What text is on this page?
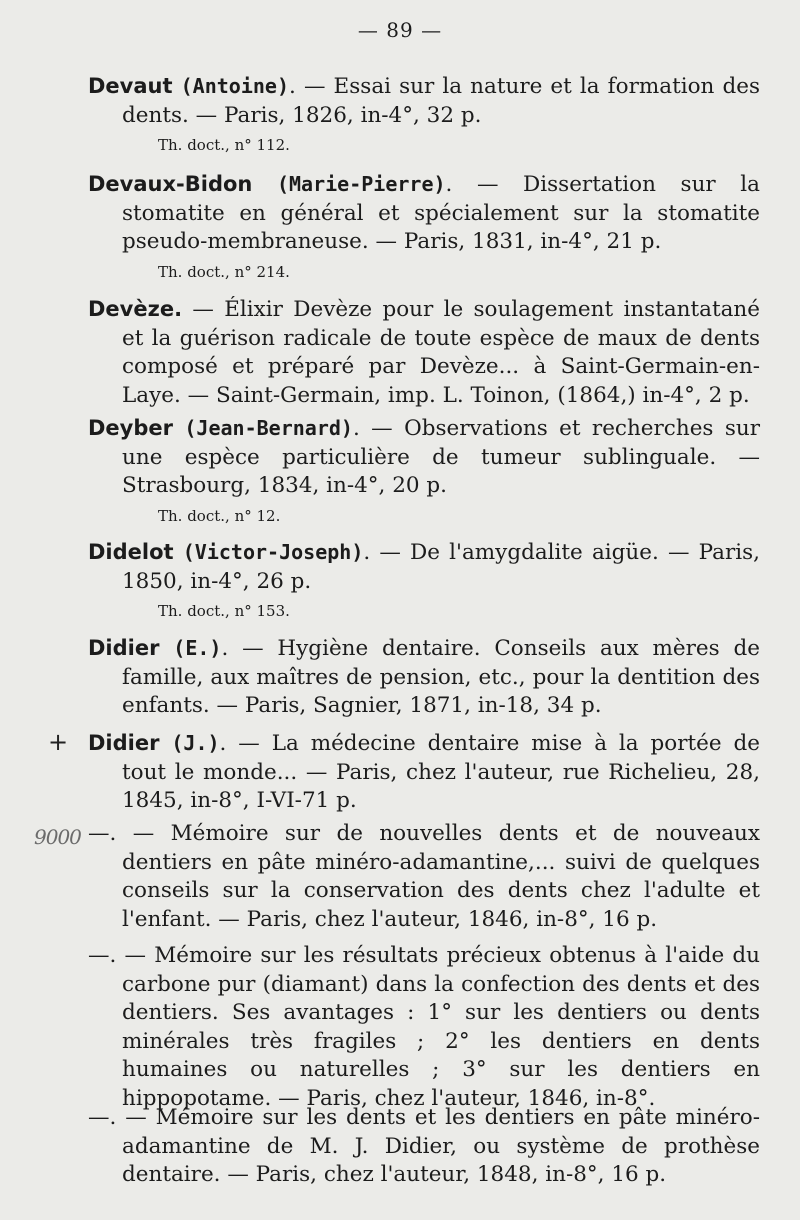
— 89 —
+
9000
Devaut (Antoine). — Essai sur la nature et la formation des dents. — Paris, 1826, in-4°, 32 p.
Th. doct., n° 112.
Devaux-Bidon (Marie-Pierre). — Dissertation sur la stomatite en général et spécialement sur la stomatite pseudo-membraneuse. — Paris, 1831, in-4°, 21 p.
Th. doct., n° 214.
Devèze. — Élixir Devèze pour le soulagement instantatané et la guérison radicale de toute espèce de maux de dents composé et préparé par Devèze... à Saint-Germain-en-Laye. — Saint-Germain, imp. L. Toinon, (1864,) in-4°, 2 p.
Deyber (Jean-Bernard). — Observations et recherches sur une espèce particulière de tumeur sublinguale. — Strasbourg, 1834, in-4°, 20 p.
Th. doct., n° 12.
Didelot (Victor-Joseph). — De l'amygdalite aigüe. — Paris, 1850, in-4°, 26 p.
Th. doct., n° 153.
Didier (E.). — Hygiène dentaire. Conseils aux mères de famille, aux maîtres de pension, etc., pour la dentition des enfants. — Paris, Sagnier, 1871, in-18, 34 p.
Didier (J.). — La médecine dentaire mise à la portée de tout le monde... — Paris, chez l'auteur, rue Richelieu, 28, 1845, in-8°, I-VI-71 p.
—. — Mémoire sur de nouvelles dents et de nouveaux dentiers en pâte minéro-adamantine,... suivi de quelques conseils sur la conservation des dents chez l'adulte et l'enfant. — Paris, chez l'auteur, 1846, in-8°, 16 p.
—. — Mémoire sur les résultats précieux obtenus à l'aide du carbone pur (diamant) dans la confection des dents et des dentiers. Ses avantages : 1° sur les dentiers ou dents minérales très fragiles ; 2° les dentiers en dents humaines ou naturelles ; 3° sur les dentiers en hippopotame. — Paris, chez l'auteur, 1846, in-8°.
—. — Mémoire sur les dents et les dentiers en pâte minéro-adamantine de M. J. Didier, ou système de prothèse dentaire. — Paris, chez l'auteur, 1848, in-8°, 16 p.
